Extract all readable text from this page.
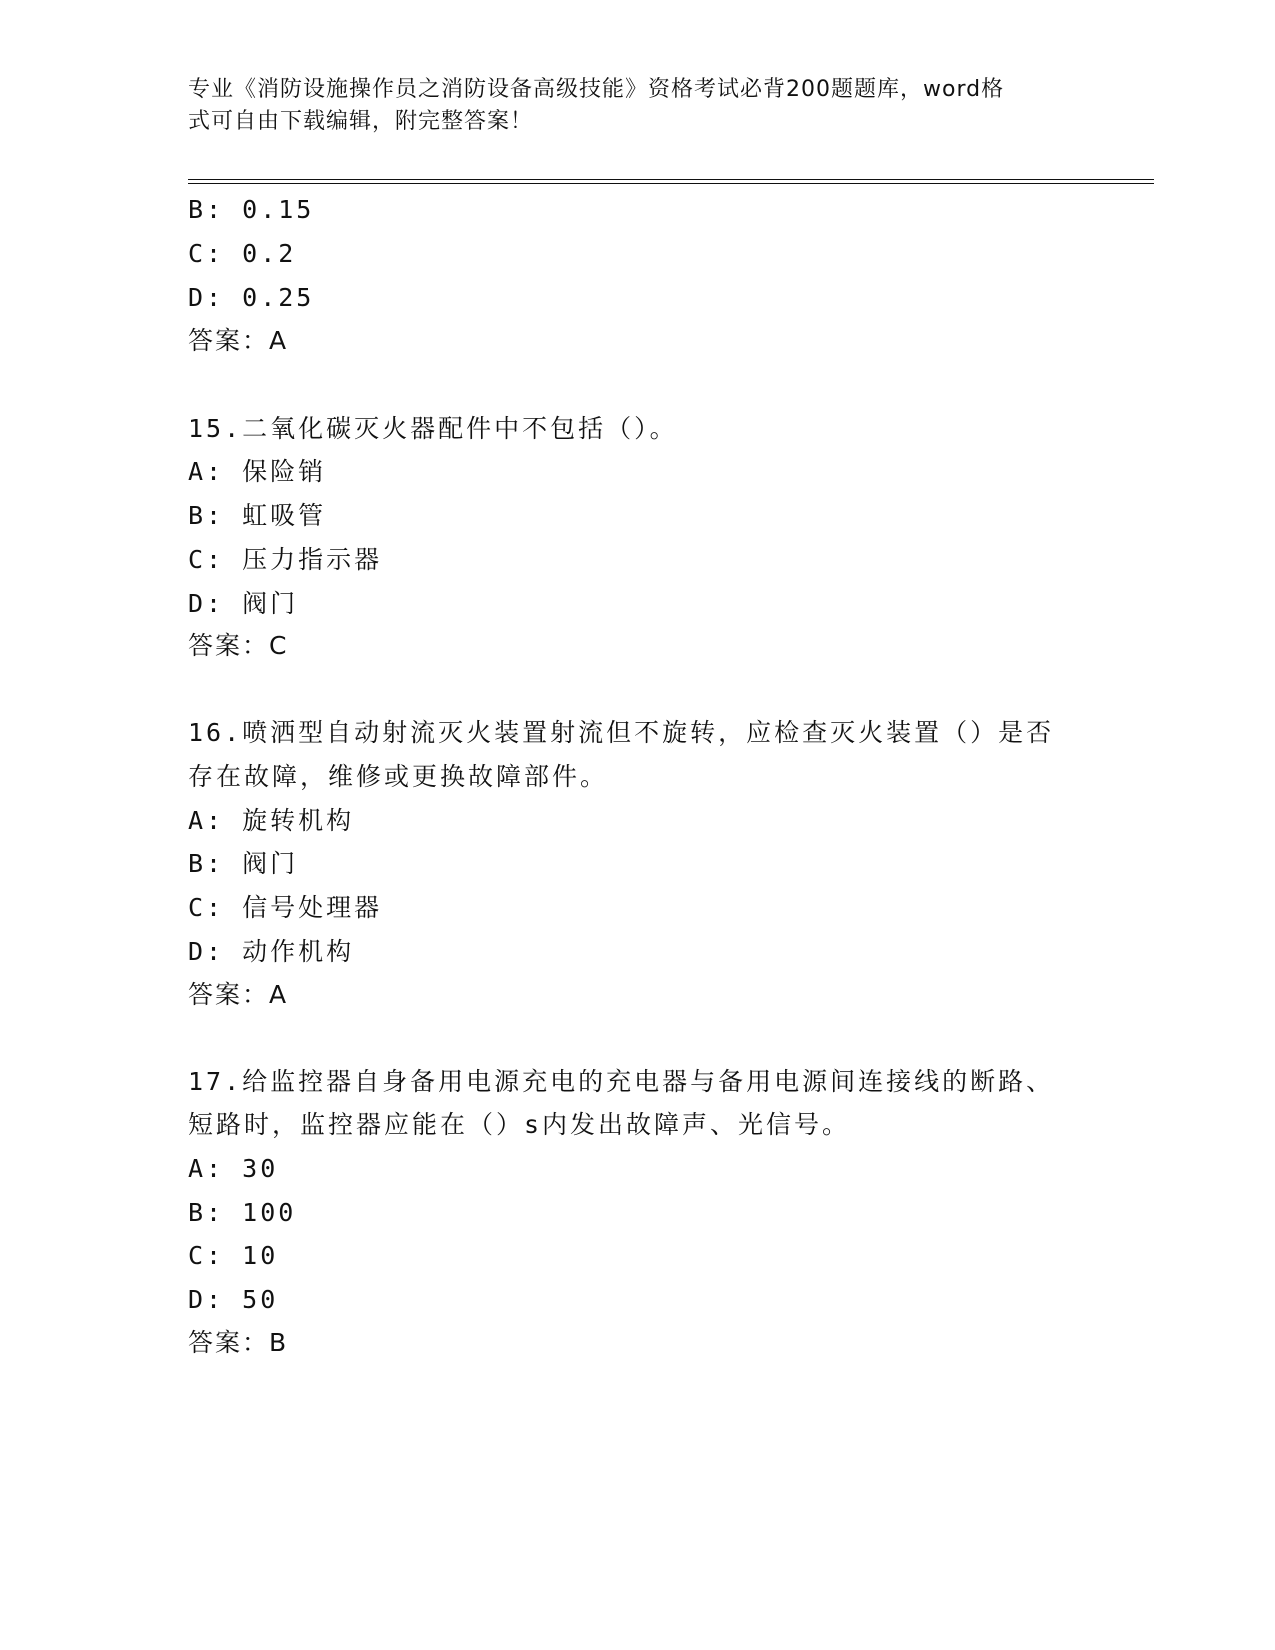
专业《消防设施操作员之消防设备高级技能》资格考试必背200题题库，word格
式可自由下载编辑，附完整答案！
B: 0.15
C: 0.2
D: 0.25
答案：A
15.二氧化碳灭火器配件中不包括（）。
A: 保险销
B: 虹吸管
C: 压力指示器
D: 阀门
答案：C
16.喷洒型自动射流灭火装置射流但不旋转，应检查灭火装置（）是否
存在故障，维修或更换故障部件。
A: 旋转机构
B: 阀门
C: 信号处理器
D: 动作机构
答案：A
17.给监控器自身备用电源充电的充电器与备用电源间连接线的断路、
短路时，监控器应能在（）s内发出故障声、光信号。
A: 30
B: 100
C: 10
D: 50
答案：B
